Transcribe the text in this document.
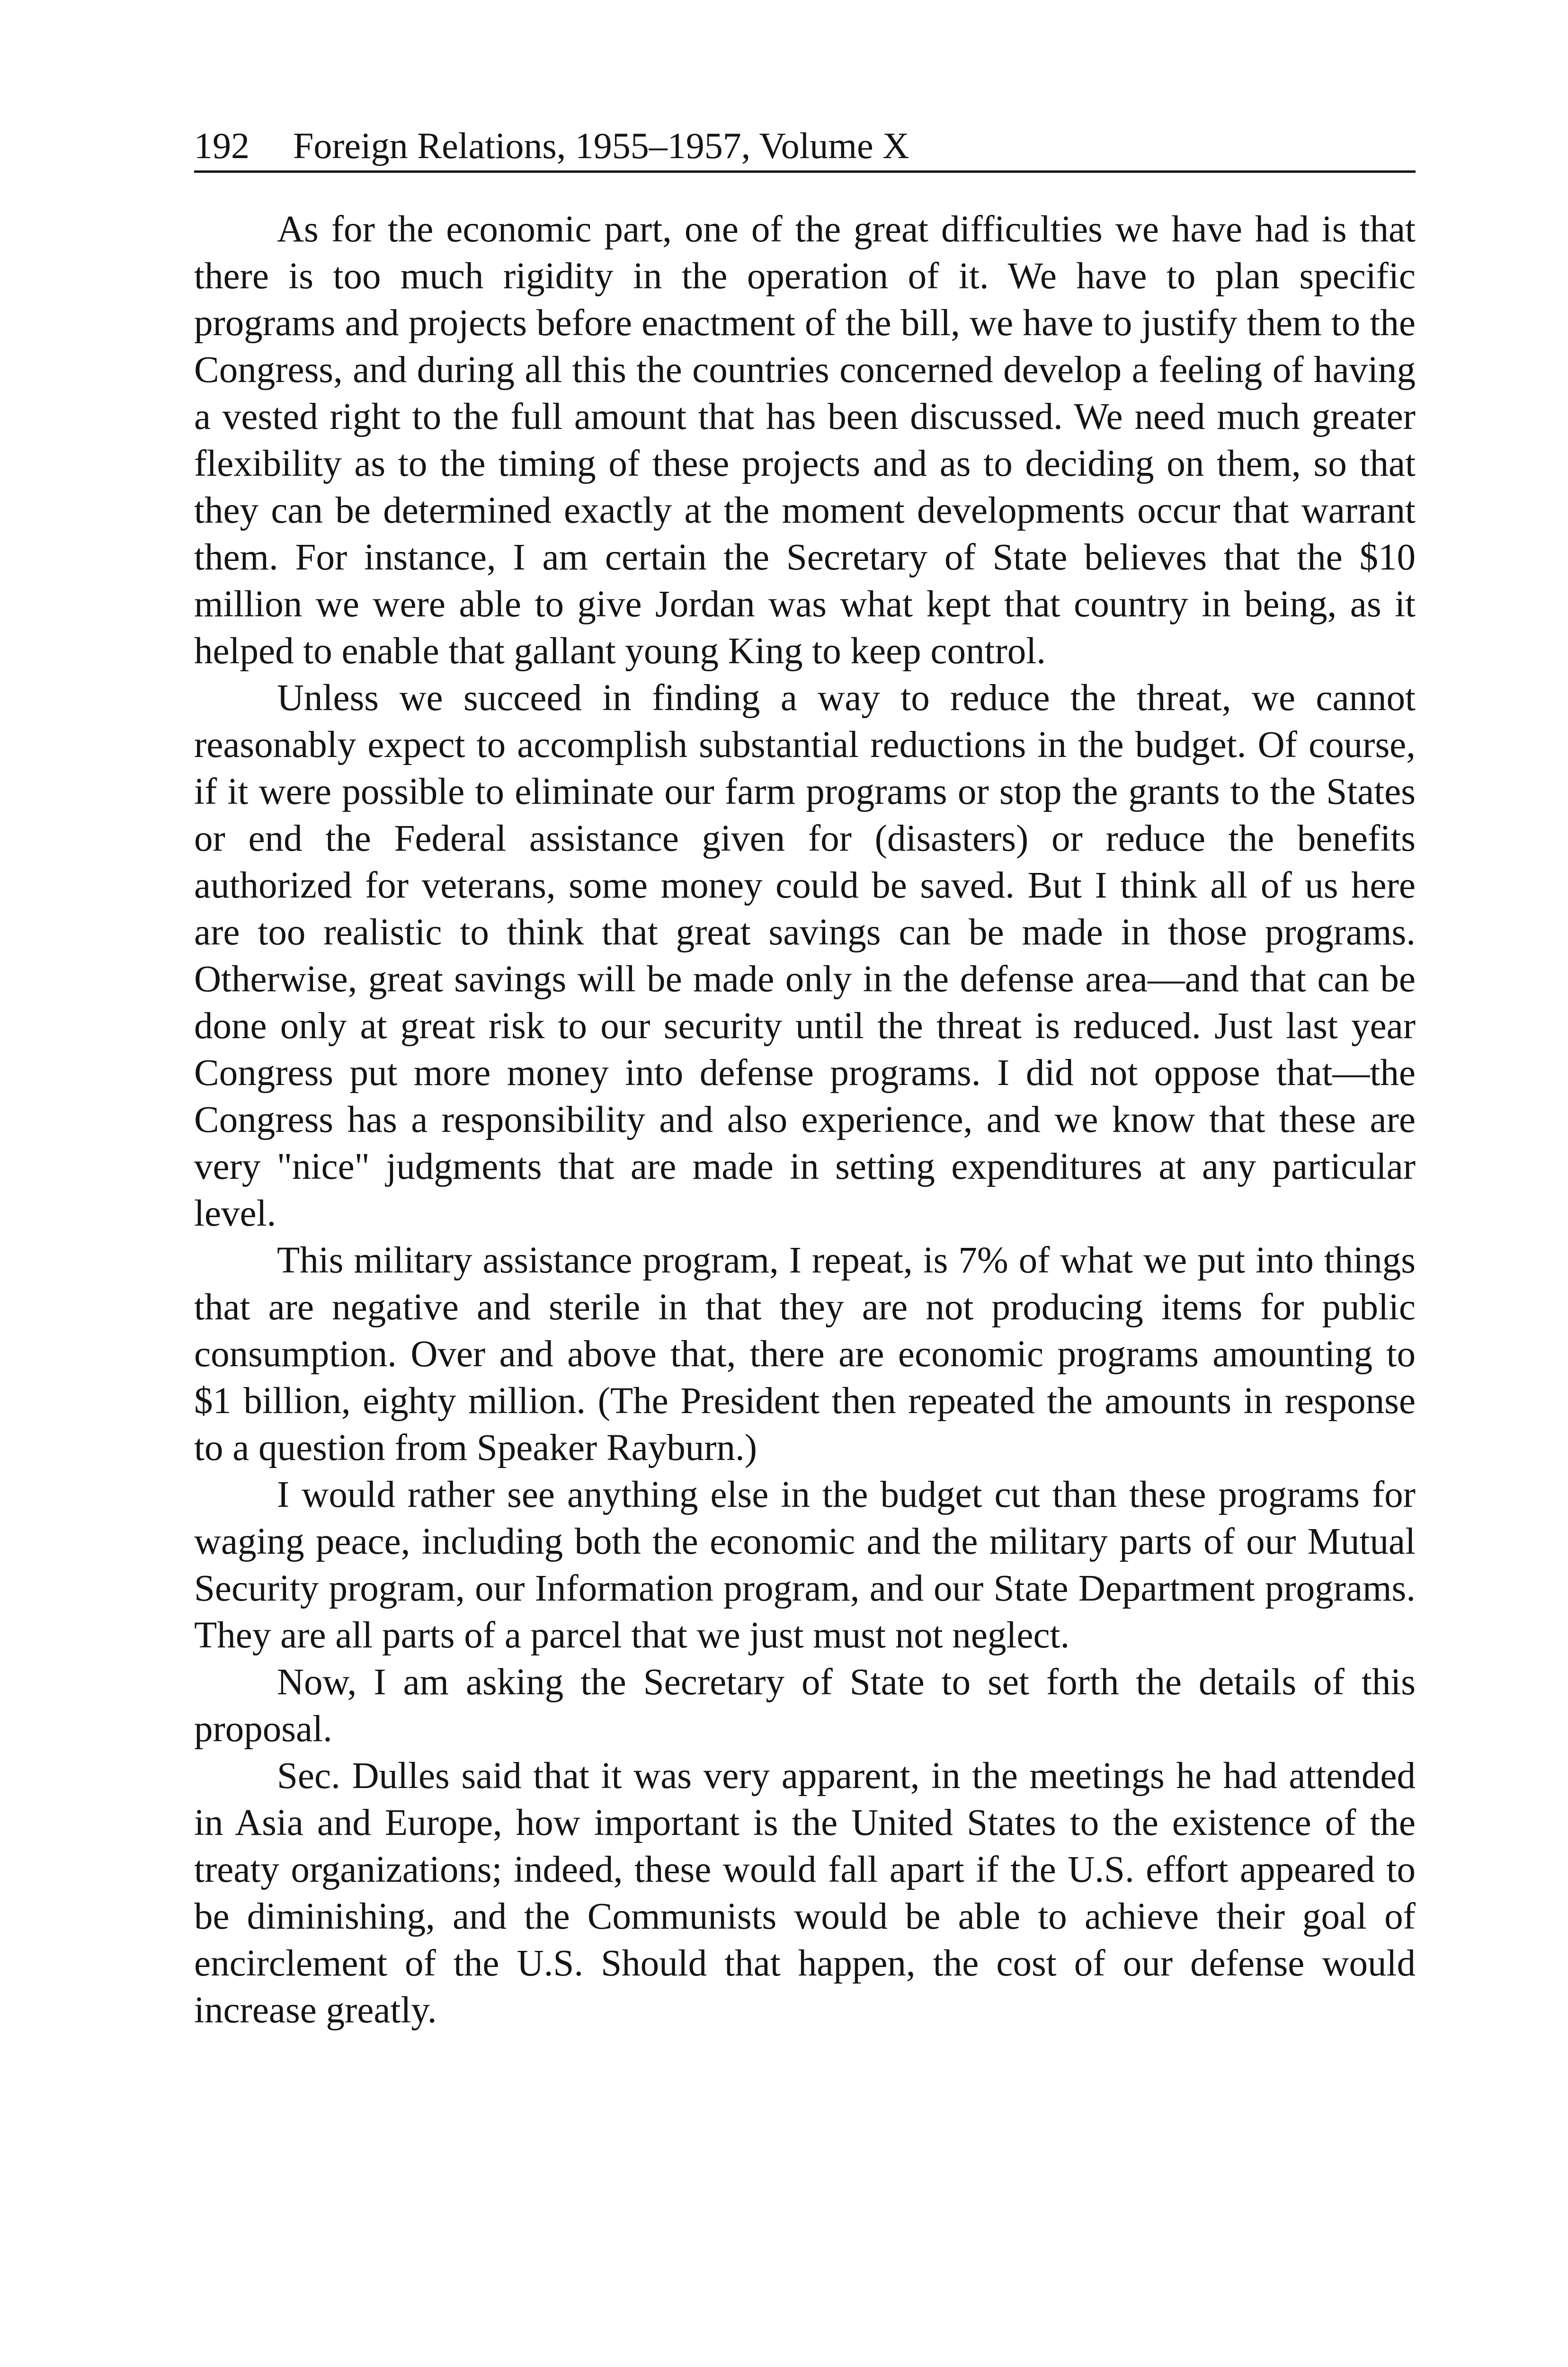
192 Foreign Relations, 1955–1957, Volume X

As for the economic part, one of the great difficulties we have had is that there is too much rigidity in the operation of it. We have to plan specific programs and projects before enactment of the bill, we have to justify them to the Congress, and during all this the countries concerned develop a feeling of having a vested right to the full amount that has been discussed. We need much greater flexibility as to the timing of these projects and as to deciding on them, so that they can be determined exactly at the moment developments occur that warrant them. For instance, I am certain the Secretary of State believes that the $10 million we were able to give Jordan was what kept that country in being, as it helped to enable that gallant young King to keep control.

Unless we succeed in finding a way to reduce the threat, we cannot reasonably expect to accomplish substantial reductions in the budget. Of course, if it were possible to eliminate our farm programs or stop the grants to the States or end the Federal assistance given for (disasters) or reduce the benefits authorized for veterans, some money could be saved. But I think all of us here are too realistic to think that great savings can be made in those programs. Otherwise, great savings will be made only in the defense area—and that can be done only at great risk to our security until the threat is reduced. Just last year Congress put more money into defense programs. I did not oppose that—the Congress has a responsibility and also experience, and we know that these are very "nice" judgments that are made in setting expenditures at any particular level.

This military assistance program, I repeat, is 7% of what we put into things that are negative and sterile in that they are not producing items for public consumption. Over and above that, there are economic programs amounting to $1 billion, eighty million. (The President then repeated the amounts in response to a question from Speaker Rayburn.)

I would rather see anything else in the budget cut than these programs for waging peace, including both the economic and the military parts of our Mutual Security program, our Information program, and our State Department programs. They are all parts of a parcel that we just must not neglect.

Now, I am asking the Secretary of State to set forth the details of this proposal.

Sec. Dulles said that it was very apparent, in the meetings he had attended in Asia and Europe, how important is the United States to the existence of the treaty organizations; indeed, these would fall apart if the U.S. effort appeared to be diminishing, and the Communists would be able to achieve their goal of encirclement of the U.S. Should that happen, the cost of our defense would increase greatly.
